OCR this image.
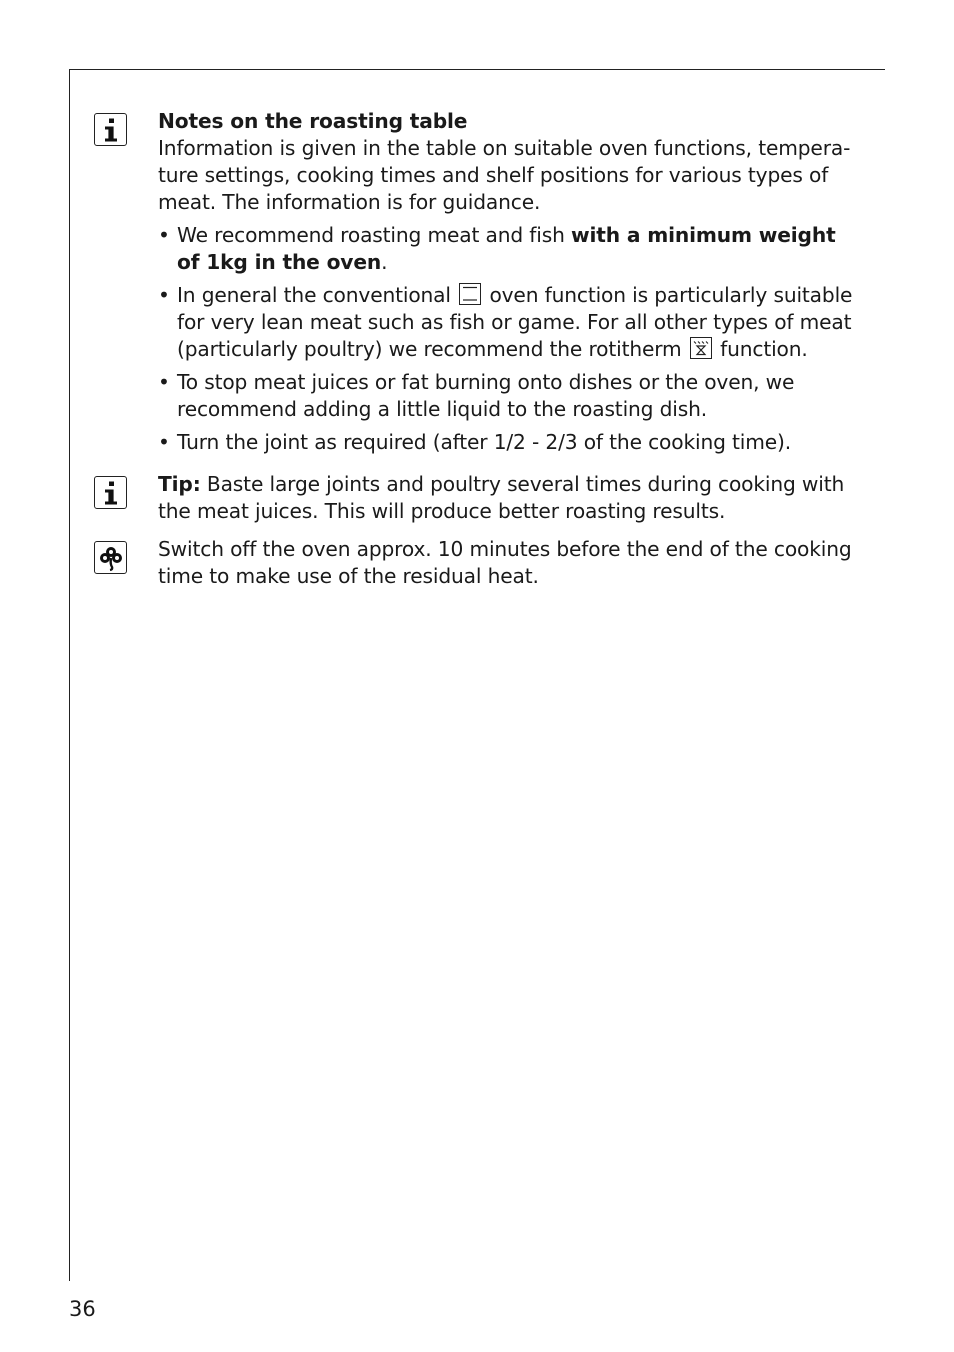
Notes on the roasting table

Information is given in the table on suitable oven functions, temperature settings, cooking times and shelf positions for various types of meat. The information is for guidance.

• We recommend roasting meat and fish with a minimum weight of 1kg in the oven.
• In general the conventional oven function is particularly suitable for very lean meat such as fish or game. For all other types of meat (particularly poultry) we recommend the rotitherm function.
• To stop meat juices or fat burning onto dishes or the oven, we recommend adding a little liquid to the roasting dish.
• Turn the joint as required (after 1/2 - 2/3 of the cooking time).

Tip: Baste large joints and poultry several times during cooking with the meat juices. This will produce better roasting results.

Switch off the oven approx. 10 minutes before the end of the cooking time to make use of the residual heat.

36
